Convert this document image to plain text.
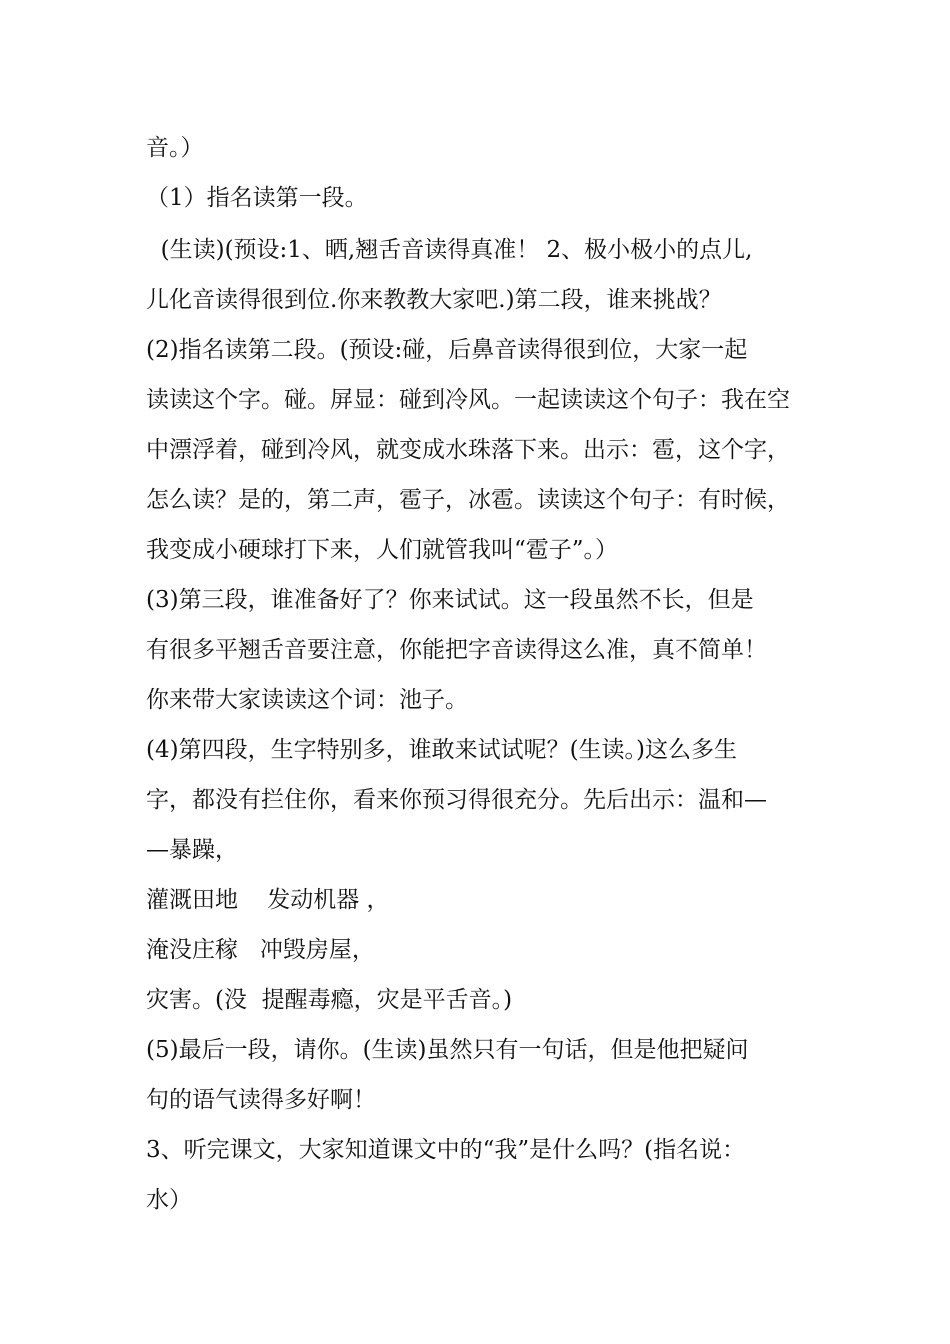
音。）
（1）指名读第一段。
(生读)(预设:1、晒,翘舌音读得真准！ 2、极小极小的点儿,
儿化音读得很到位.你来教教大家吧.)第二段，谁来挑战？
(2)指名读第二段。(预设:碰，后鼻音读得很到位，大家一起
读读这个字。碰。屏显：碰到冷风。一起读读这个句子：我在空
中漂浮着，碰到冷风，就变成水珠落下来。出示：雹，这个字，
怎么读？是的，第二声，雹子，冰雹。读读这个句子：有时候，
我变成小硬球打下来，人们就管我叫“雹子”。）
(3)第三段，谁准备好了？你来试试。这一段虽然不长，但是
有很多平翘舌音要注意，你能把字音读得这么准，真不简单！
你来带大家读读这个词：池子。
(4)第四段，生字特别多，谁敢来试试呢？(生读。)这么多生
字，都没有拦住你，看来你预习得很充分。先后出示：温和—
—暴躁，
灌溉田地    发动机器 ，
淹没庄稼   冲毁房屋，
灾害。(没  提醒毒瘾，灾是平舌音。)
(5)最后一段，请你。(生读)虽然只有一句话，但是他把疑问
句的语气读得多好啊！
3、听完课文，大家知道课文中的“我”是什么吗？(指名说：
水）
